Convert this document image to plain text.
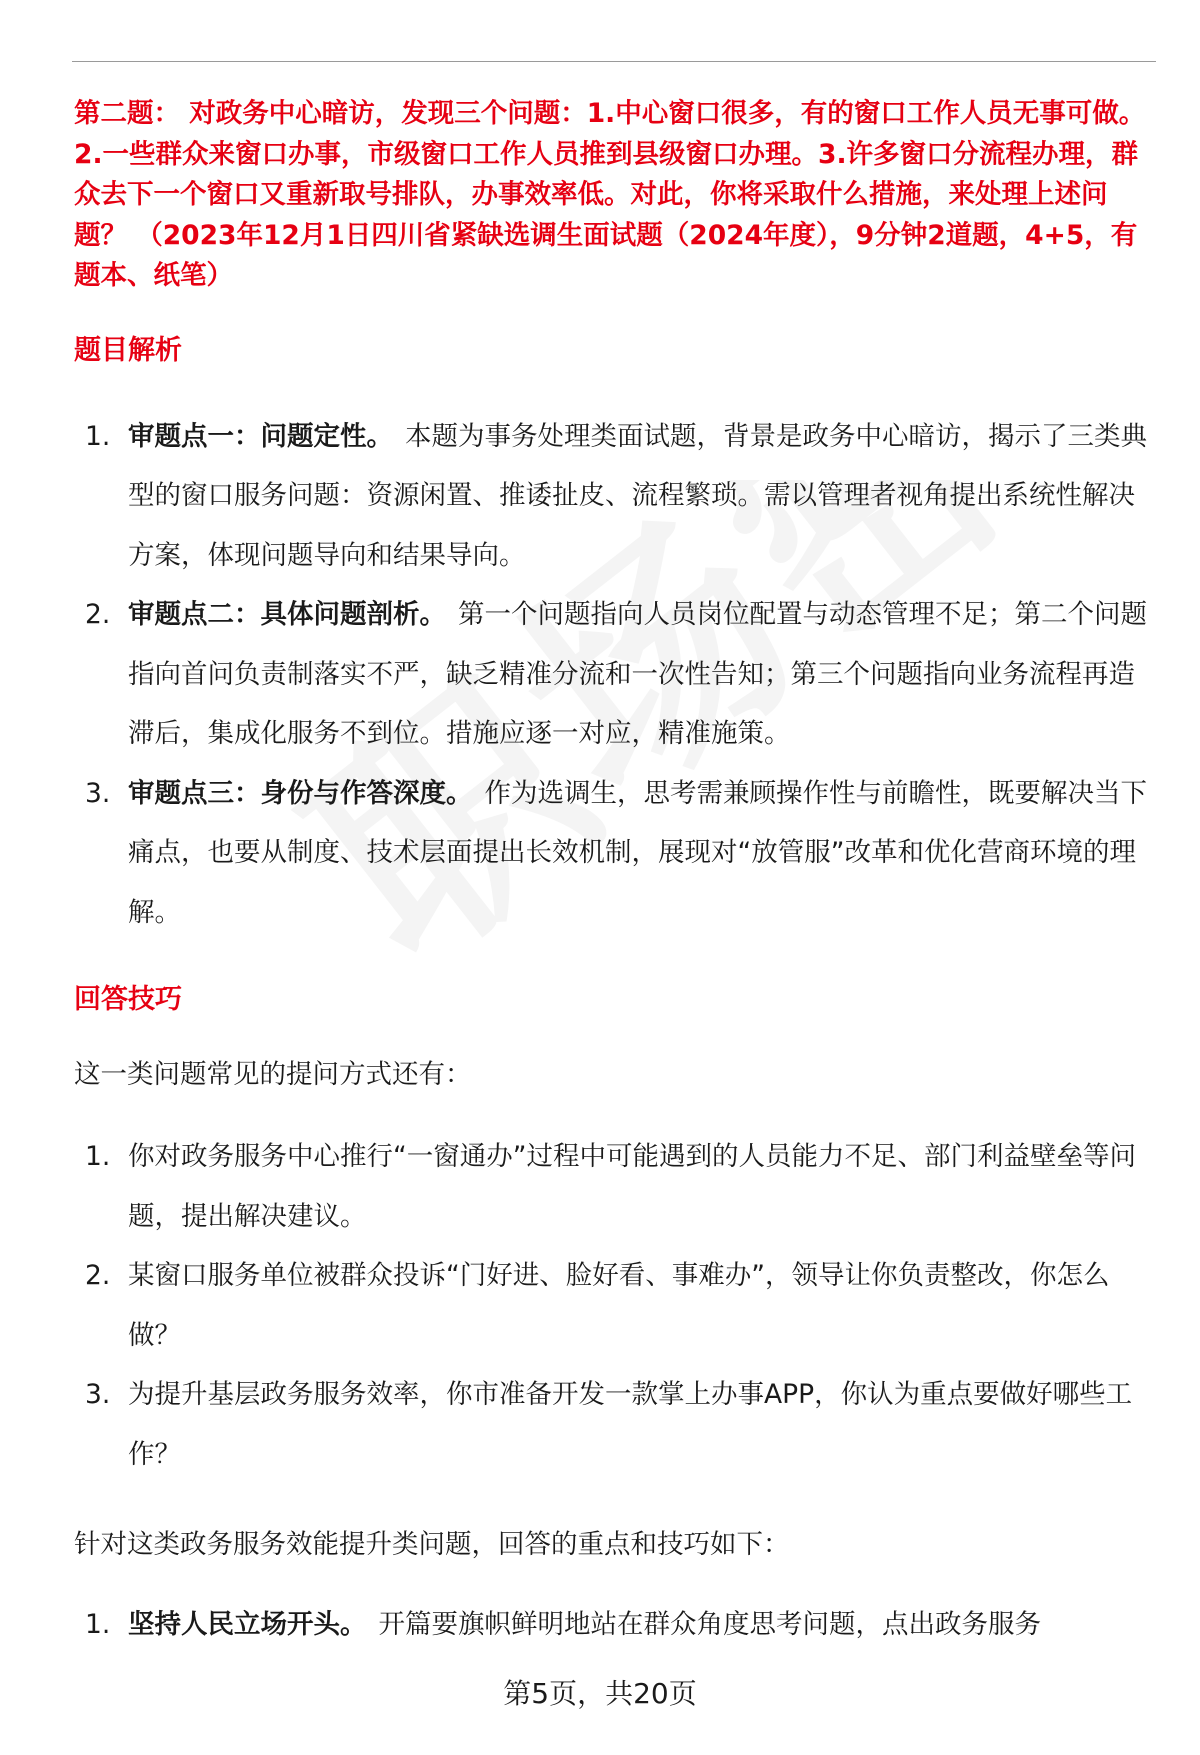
第二题： 对政务中心暗访，发现三个问题：1.中心窗口很多，有的窗口工作人员无事可做。2.一些群众来窗口办事，市级窗口工作人员推到县级窗口办理。3.许多窗口分流程办理，群众去下一个窗口又重新取号排队，办事效率低。对此，你将采取什么措施，来处理上述问题？ （2023年12月1日四川省紧缺选调生面试题（2024年度），9分钟2道题，4+5，有题本、纸笔）

题目解析
1. 审题点一：问题定性。 本题为事务处理类面试题，背景是政务中心暗访，揭示了三类典型的窗口服务问题：资源闲置、推诿扯皮、流程繁琐。需以管理者视角提出系统性解决方案，体现问题导向和结果导向。
2. 审题点二：具体问题剖析。 第一个问题指向人员岗位配置与动态管理不足；第二个问题指向首问负责制落实不严，缺乏精准分流和一次性告知；第三个问题指向业务流程再造滞后，集成化服务不到位。措施应逐一对应，精准施策。
3. 审题点三：身份与作答深度。 作为选调生，思考需兼顾操作性与前瞻性，既要解决当下痛点，也要从制度、技术层面提出长效机制，展现对“放管服”改革和优化营商环境的理解。
回答技巧

这一类问题常见的提问方式还有：

1. 你对政务服务中心推行“一窗通办”过程中可能遇到的人员能力不足、部门利益壁垒等问题，提出解决建议。
2. 某窗口服务单位被群众投诉“门好进、脸好看、事难办”，领导让你负责整改，你怎么做？
3. 为提升基层政务服务效率，你市准备开发一款掌上办事APP，你认为重点要做好哪些工作？

针对这类政务服务效能提升类问题，回答的重点和技巧如下：

1. 坚持人民立场开头。 开篇要旗帜鲜明地站在群众角度思考问题，点出政务服务
第5页，共20页
